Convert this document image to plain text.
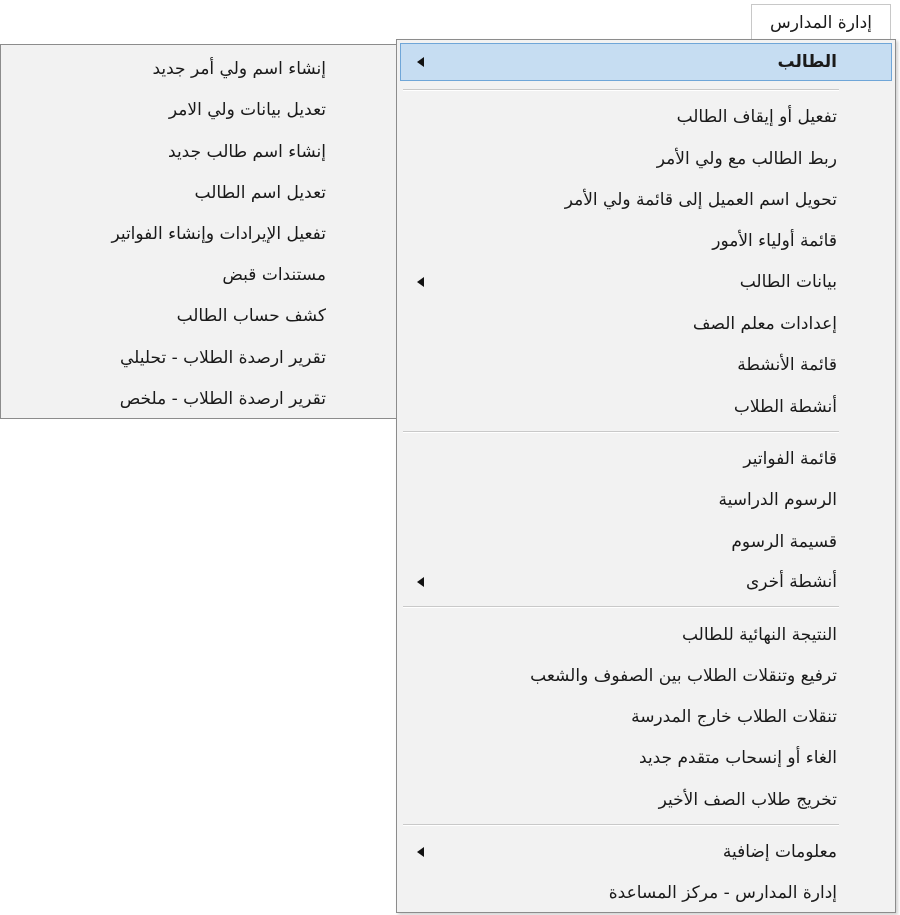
إدارة المدارس
الطالب
تفعيل أو إيقاف الطالب
ربط الطالب مع ولي الأمر
تحويل اسم العميل إلى قائمة ولي الأمر
قائمة أولياء الأمور
بيانات الطالب
إعدادات معلم الصف
قائمة الأنشطة
أنشطة الطلاب
قائمة الفواتير
الرسوم الدراسية
قسيمة الرسوم
أنشطة أخرى
النتيجة النهائية للطالب
ترفيع وتنقلات الطلاب بين الصفوف والشعب
تنقلات الطلاب خارج المدرسة
الغاء أو إنسحاب متقدم جديد
تخريج طلاب الصف الأخير
معلومات إضافية
إدارة المدارس - مركز المساعدة
إنشاء اسم ولي أمر جديد
تعديل بيانات ولي الامر
إنشاء اسم طالب جديد
تعديل اسم الطالب
تفعيل الإيرادات وإنشاء الفواتير
مستندات قبض
كشف حساب الطالب
تقرير ارصدة الطلاب - تحليلي
تقرير ارصدة الطلاب - ملخص
